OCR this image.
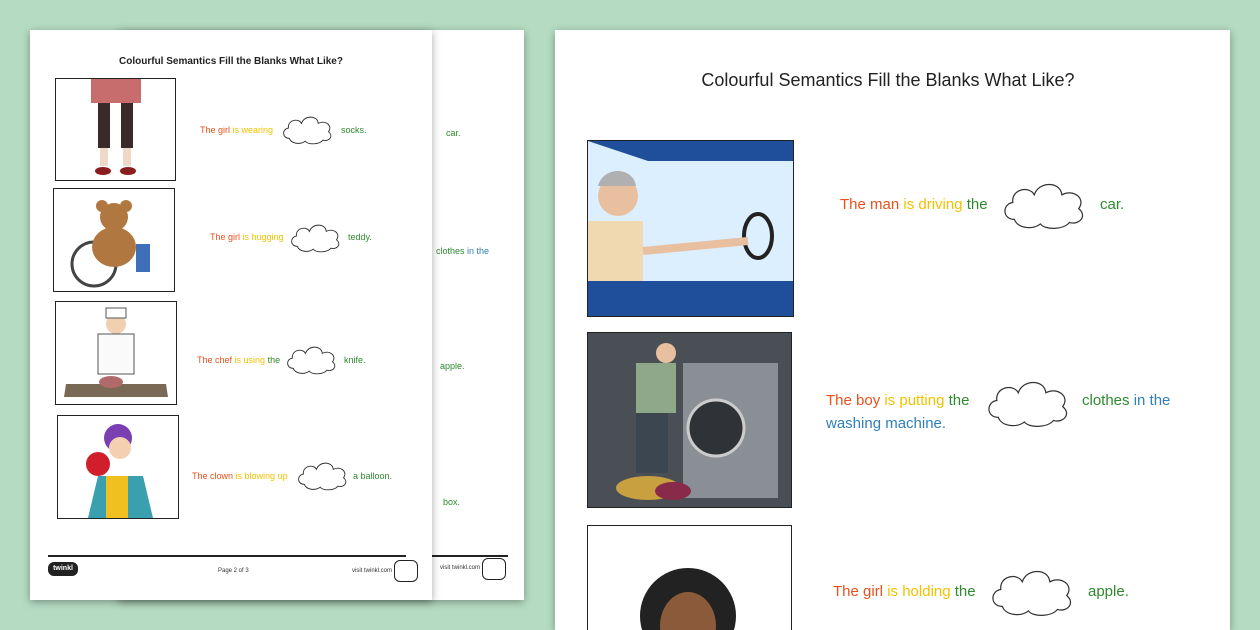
car.
clothes in the
apple.
box.
visit twinkl.com
Colourful Semantics Fill the Blanks What Like?
The girl is wearing	socks.
The girl is hugging	teddy.
The chef is using the	knife.
The clown is blowing up	a balloon.
twinkl	Page 2 of 3	visit twinkl.com
Colourful Semantics Fill the Blanks What Like?
The man is driving the	car.
The boy is putting the	clothes in the
washing machine.
The girl is holding the	apple.
